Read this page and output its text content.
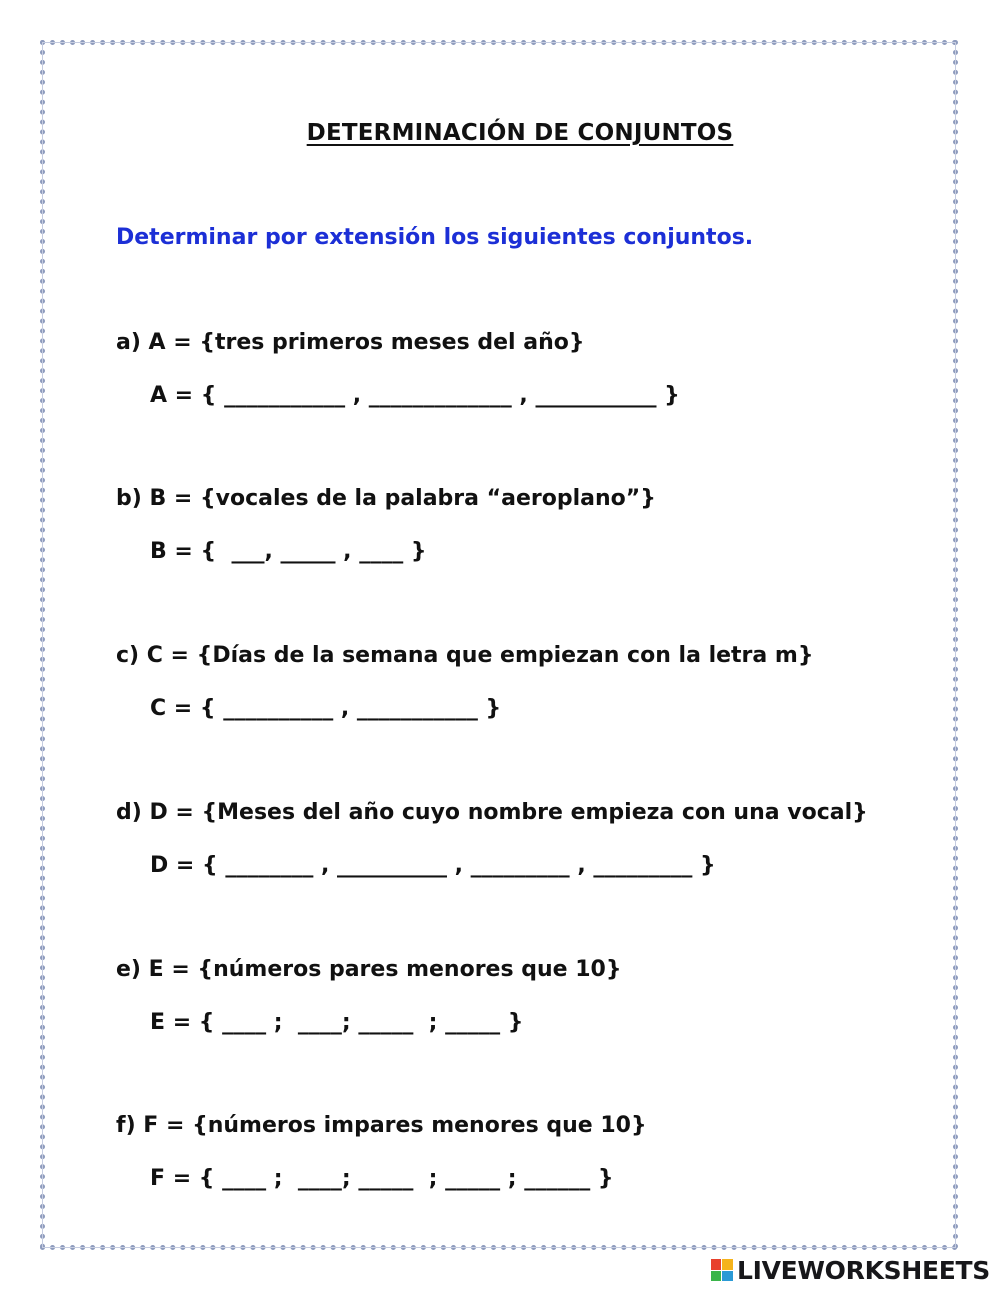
DETERMINACIÓN DE CONJUNTOS
Determinar por extensión los siguientes conjuntos.
a) A = {tres primeros meses del año}
A = { ___________ , _____________ , ___________ }
b) B = {vocales de la palabra “aeroplano”}
B = {  ___, _____ , ____ }
c) C = {Días de la semana que empiezan con la letra m}
C = { __________ , ___________ }
d) D = {Meses del año cuyo nombre empieza con una vocal}
D = { ________ , __________ , _________ , _________ }
e) E = {números pares menores que 10}
E = { ____ ;  ____; _____  ; _____ }
f) F = {números impares menores que 10}
F = { ____ ;  ____; _____  ; _____ ; ______ }
LIVEWORKSHEETS
